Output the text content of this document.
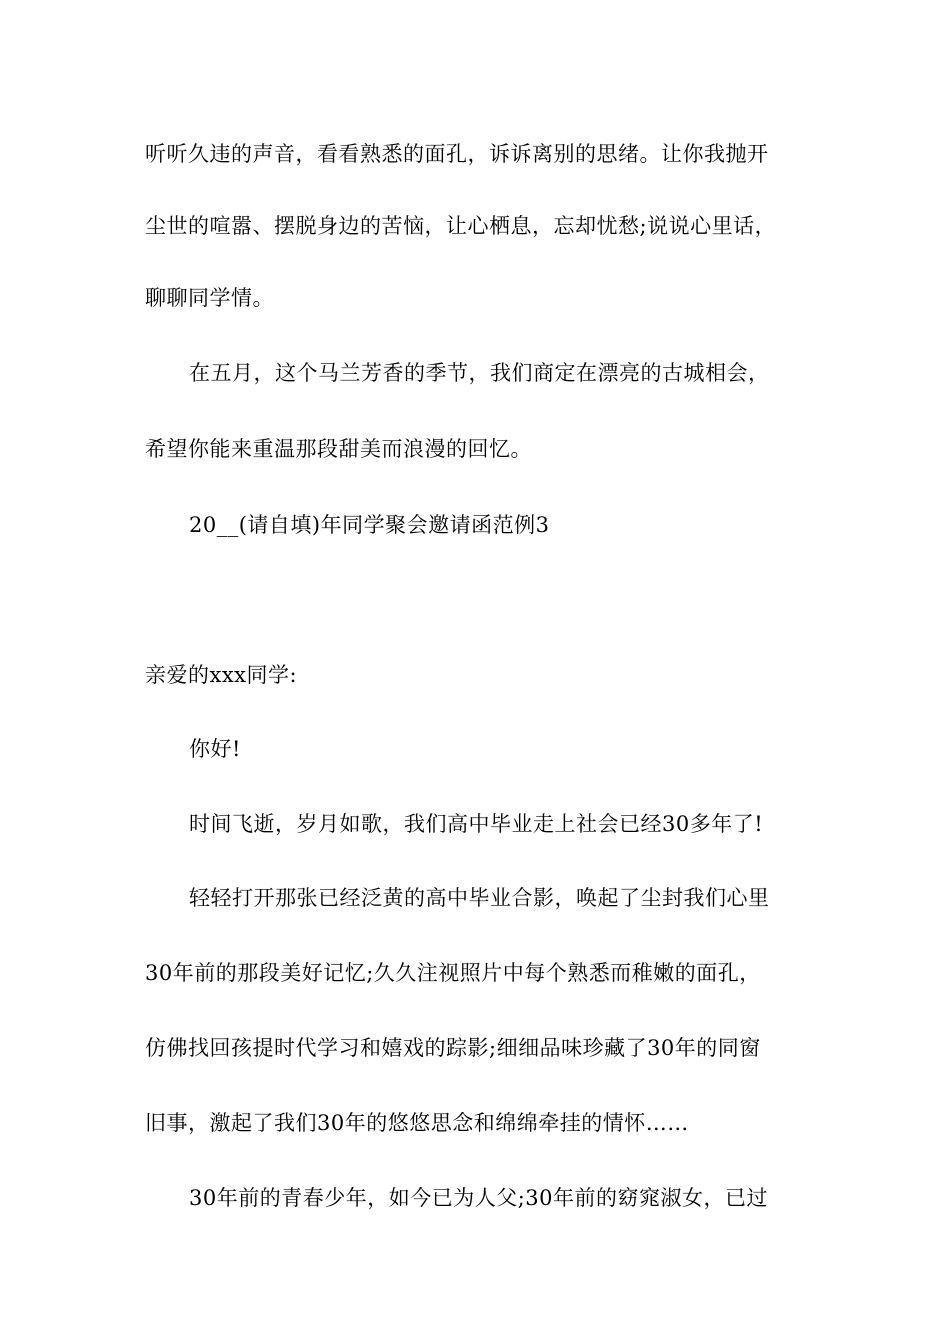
听听久违的声音，看看熟悉的面孔，诉诉离别的思绪。让你我抛开
尘世的喧嚣、摆脱身边的苦恼，让心栖息，忘却忧愁;说说心里话，
聊聊同学情。
在五月，这个马兰芳香的季节，我们商定在漂亮的古城相会，
希望你能来重温那段甜美而浪漫的回忆。
20__(请自填)年同学聚会邀请函范例3
亲爱的xxx同学:
你好!
时间飞逝，岁月如歌，我们高中毕业走上社会已经30多年了!
轻轻打开那张已经泛黄的高中毕业合影，唤起了尘封我们心里
30年前的那段美好记忆;久久注视照片中每个熟悉而稚嫩的面孔，
仿佛找回孩提时代学习和嬉戏的踪影;细细品味珍藏了30年的同窗
旧事，激起了我们30年的悠悠思念和绵绵牵挂的情怀……
30年前的青春少年，如今已为人父;30年前的窈窕淑女，已过
